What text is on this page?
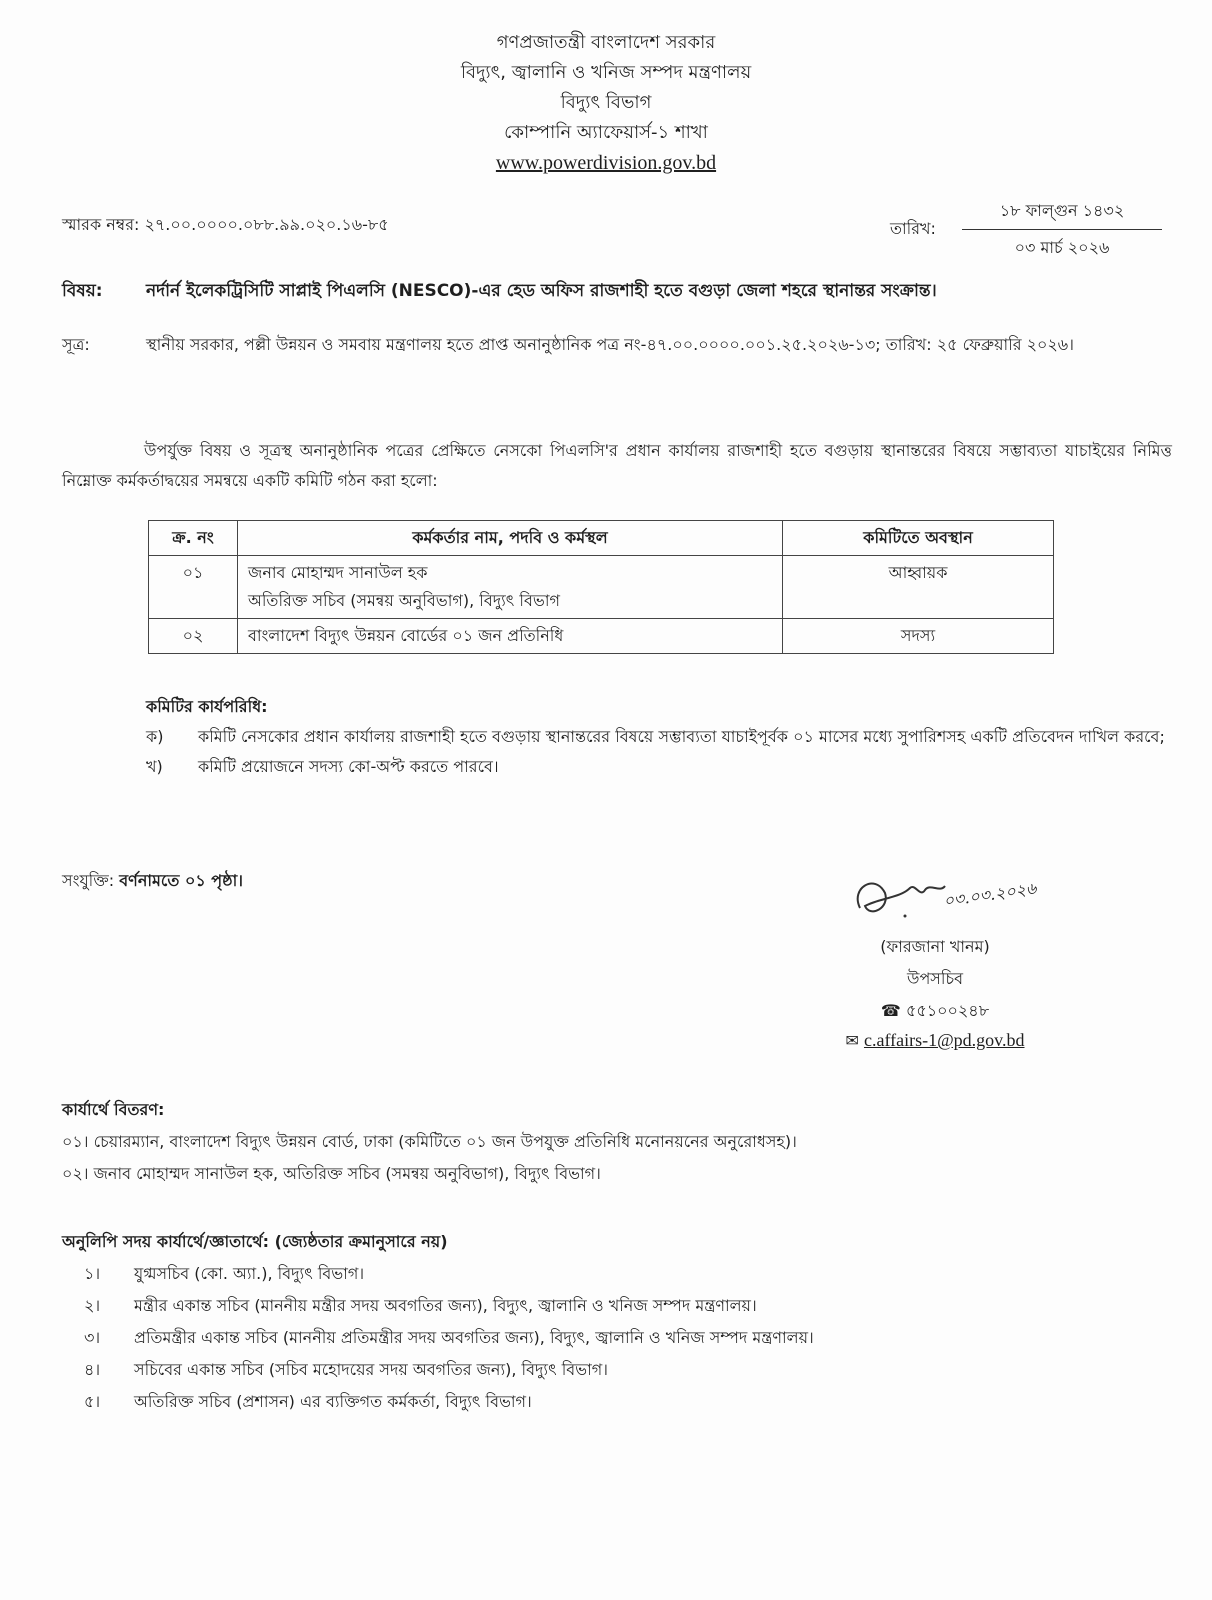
গণপ্রজাতন্ত্রী বাংলাদেশ সরকার
বিদ্যুৎ, জ্বালানি ও খনিজ সম্পদ মন্ত্রণালয়
বিদ্যুৎ বিভাগ
কোম্পানি অ্যাফেয়ার্স-১ শাখা
www.powerdivision.gov.bd
স্মারক নম্বর: ২৭.০০.০০০০.০৮৮.৯৯.০২০.১৬-৮৫	তারিখ:
১৮ ফাল্গুন ১৪৩২
০৩ মার্চ ২০২৬
বিষয়:	নর্দার্ন ইলেকট্রিসিটি সাপ্লাই পিএলসি (NESCO)-এর হেড অফিস রাজশাহী হতে বগুড়া জেলা শহরে স্থানান্তর সংক্রান্ত।
সূত্র:	স্থানীয় সরকার, পল্লী উন্নয়ন ও সমবায় মন্ত্রণালয় হতে প্রাপ্ত অনানুষ্ঠানিক পত্র নং-৪৭.০০.০০০০.০০১.২৫.২০২৬-১৩; তারিখ: ২৫ ফেব্রুয়ারি ২০২৬।
উপর্যুক্ত বিষয় ও সূত্রস্থ অনানুষ্ঠানিক পত্রের প্রেক্ষিতে নেসকো পিএলসি'র প্রধান কার্যালয় রাজশাহী হতে বগুড়ায় স্থানান্তরের বিষয়ে সম্ভাব্যতা যাচাইয়ের নিমিত্ত নিম্নোক্ত কর্মকর্তাদ্বয়ের সমন্বয়ে একটি কমিটি গঠন করা হলো:
ক্র. নং	কর্মকর্তার নাম, পদবি ও কর্মস্থল	কমিটিতে অবস্থান
০১	জনাব মোহাম্মদ সানাউল হক
অতিরিক্ত সচিব (সমন্বয় অনুবিভাগ), বিদ্যুৎ বিভাগ	আহ্বায়ক
০২	বাংলাদেশ বিদ্যুৎ উন্নয়ন বোর্ডের ০১ জন প্রতিনিধি	সদস্য
কমিটির কার্যপরিধি:
ক) কমিটি নেসকোর প্রধান কার্যালয় রাজশাহী হতে বগুড়ায় স্থানান্তরের বিষয়ে সম্ভাব্যতা যাচাইপূর্বক ০১ মাসের মধ্যে সুপারিশসহ একটি প্রতিবেদন দাখিল করবে;
খ) কমিটি প্রয়োজনে সদস্য কো-অপ্ট করতে পারবে।
সংযুক্তি: বর্ণনামতে ০১ পৃষ্ঠা।	০৩.০৩.২০২৬
(ফারজানা খানম)
উপসচিব
☎ ৫৫১০০২৪৮
✉ c.affairs-1@pd.gov.bd
কার্যার্থে বিতরণ:
০১। চেয়ারম্যান, বাংলাদেশ বিদ্যুৎ উন্নয়ন বোর্ড, ঢাকা (কমিটিতে ০১ জন উপযুক্ত প্রতিনিধি মনোনয়নের অনুরোধসহ)।
০২। জনাব মোহাম্মদ সানাউল হক, অতিরিক্ত সচিব (সমন্বয় অনুবিভাগ), বিদ্যুৎ বিভাগ।
অনুলিপি সদয় কার্যার্থে/জ্ঞাতার্থে: (জ্যেষ্ঠতার ক্রমানুসারে নয়)
১। যুগ্মসচিব (কো. অ্যা.), বিদ্যুৎ বিভাগ।
২। মন্ত্রীর একান্ত সচিব (মাননীয় মন্ত্রীর সদয় অবগতির জন্য), বিদ্যুৎ, জ্বালানি ও খনিজ সম্পদ মন্ত্রণালয়।
৩। প্রতিমন্ত্রীর একান্ত সচিব (মাননীয় প্রতিমন্ত্রীর সদয় অবগতির জন্য), বিদ্যুৎ, জ্বালানি ও খনিজ সম্পদ মন্ত্রণালয়।
৪। সচিবের একান্ত সচিব (সচিব মহোদয়ের সদয় অবগতির জন্য), বিদ্যুৎ বিভাগ।
৫। অতিরিক্ত সচিব (প্রশাসন) এর ব্যক্তিগত কর্মকর্তা, বিদ্যুৎ বিভাগ।
